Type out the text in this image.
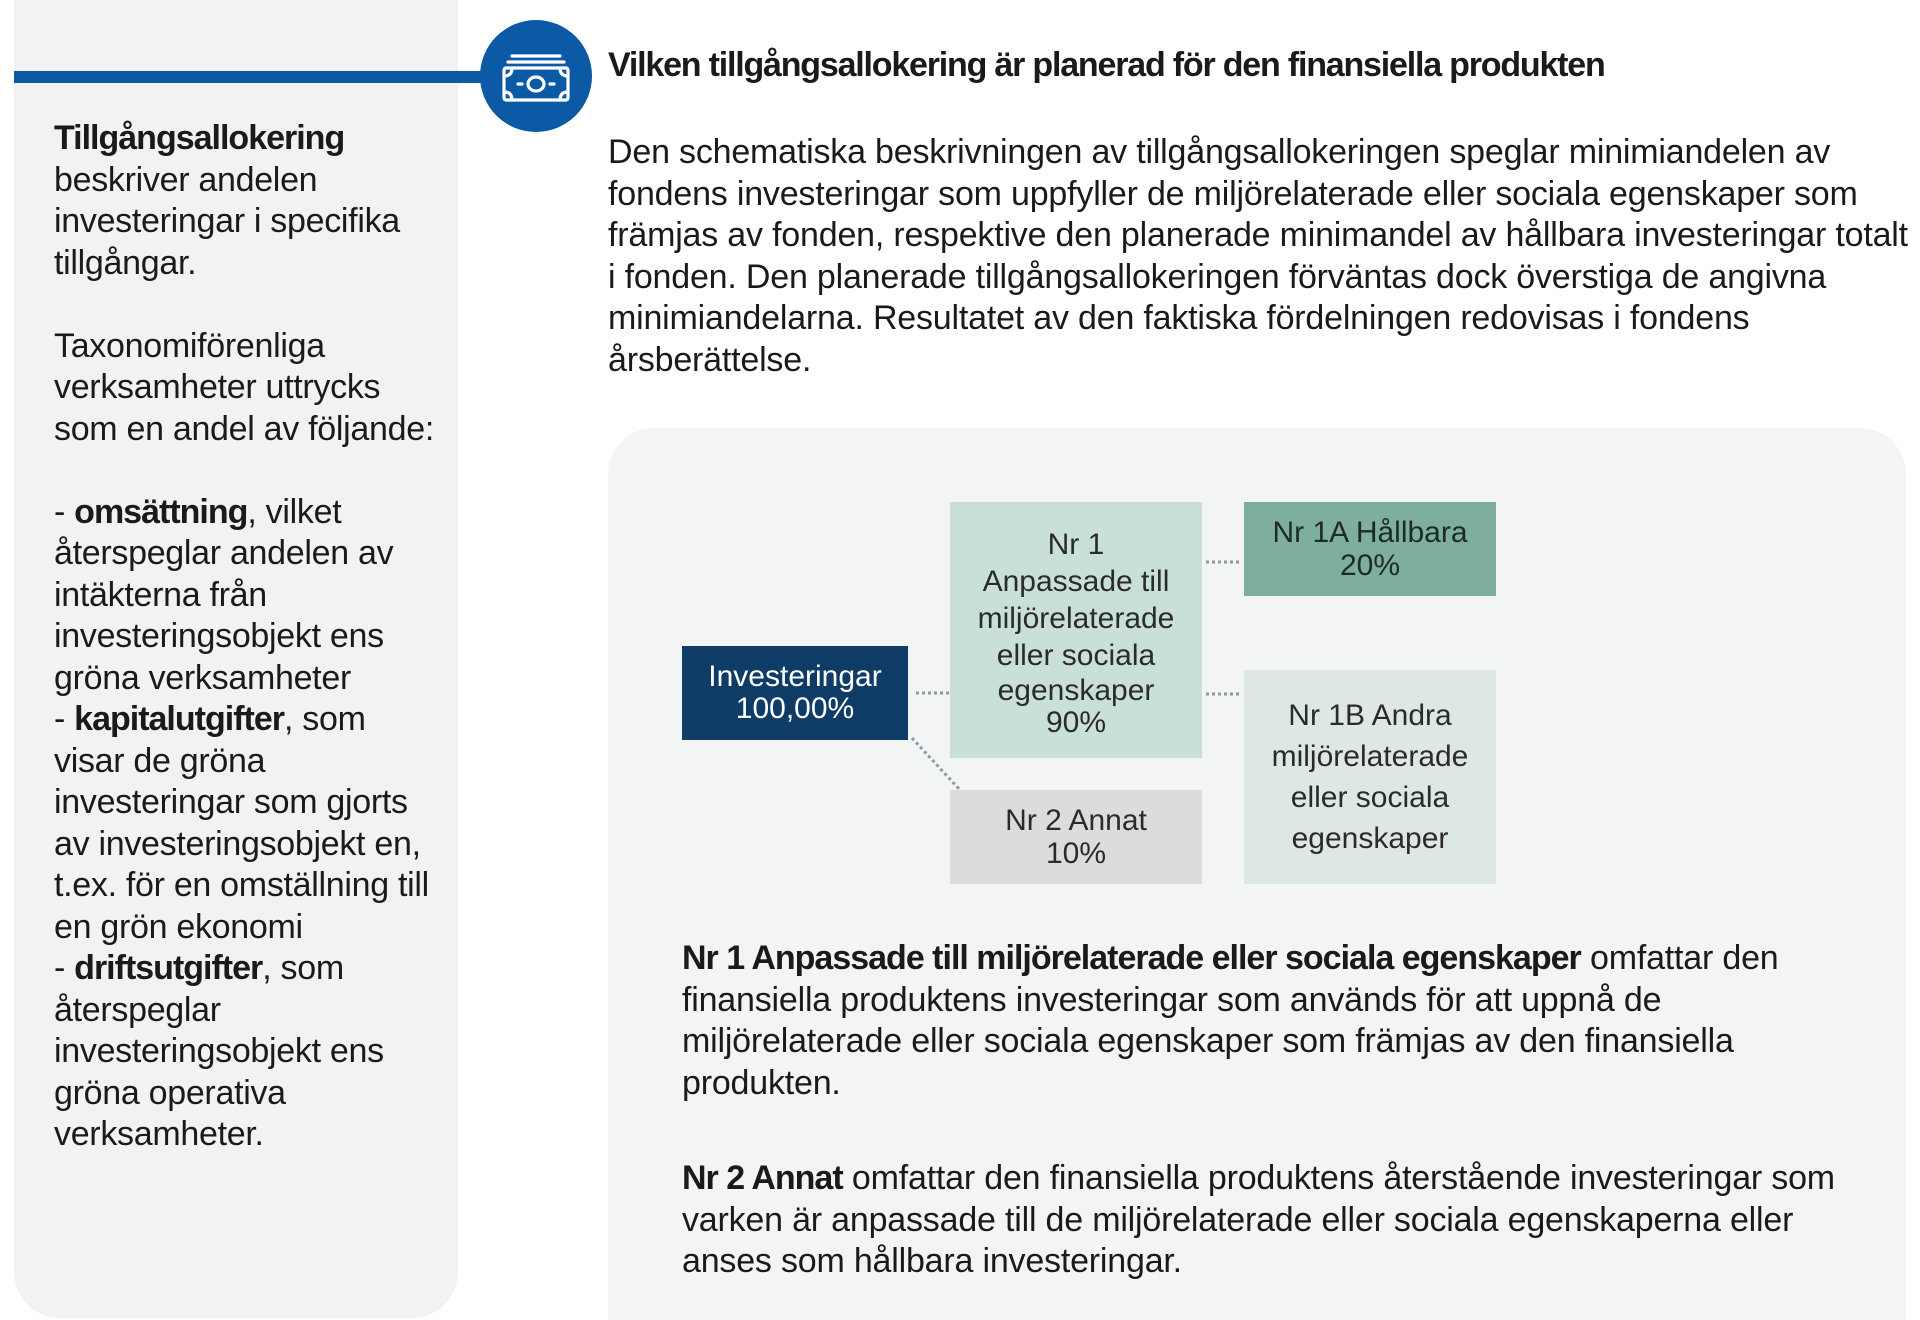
Tillgångsallokering
beskriver andelen investeringar i specifika tillgångar.

Taxonomiförenliga verksamheter uttrycks som en andel av följande:

- omsättning, vilket återspeglar andelen av intäkterna från investeringsobjekt ens gröna verksamheter
- kapitalutgifter, som visar de gröna investeringar som gjorts av investeringsobjekt en, t.ex. för en omställning till en grön ekonomi
- driftsutgifter, som återspeglar investeringsobjekt ens gröna operativa verksamheter.
Vilken tillgångsallokering är planerad för den finansiella produkten

Den schematiska beskrivningen av tillgångsallokeringen speglar minimiandelen av fondens investeringar som uppfyller de miljörelaterade eller sociala egenskaper som främjas av fonden, respektive den planerade minimandel av hållbara investeringar totalt i fonden. Den planerade tillgångsallokeringen förväntas dock överstiga de angivna minimiandelarna. Resultatet av den faktiska fördelningen redovisas i fondens årsberättelse.

Investeringar
100,00%
Nr 1
Anpassade till
miljörelaterade
eller sociala
egenskaper
90%
Nr 1A Hållbara
20%
Nr 1B Andra
miljörelaterade
eller sociala
egenskaper
Nr 2 Annat
10%

Nr 1 Anpassade till miljörelaterade eller sociala egenskaper omfattar den finansiella produktens investeringar som används för att uppnå de miljörelaterade eller sociala egenskaper som främjas av den finansiella produkten.

Nr 2 Annat omfattar den finansiella produktens återstående investeringar som varken är anpassade till de miljörelaterade eller sociala egenskaperna eller anses som hållbara investeringar.
